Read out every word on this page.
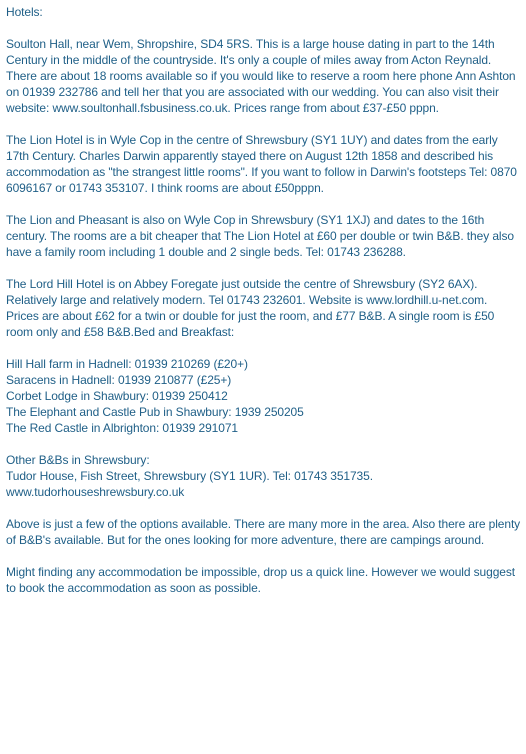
Hotels:
Soulton Hall, near Wem, Shropshire, SD4 5RS. This is a large house dating in part to the 14th Century in the middle of the countryside. It's only a couple of miles away from Acton Reynald. There are about 18 rooms available so if you would like to reserve a room here phone Ann Ashton on 01939 232786 and tell her that you are associated with our wedding. You can also visit their website: www.soultonhall.fsbusiness.co.uk. Prices range from about £37-£50 pppn.
The Lion Hotel is in Wyle Cop in the centre of Shrewsbury (SY1 1UY) and dates from the early 17th Century. Charles Darwin apparently stayed there on August 12th 1858 and described his accommodation as "the strangest little rooms". If you want to follow in Darwin's footsteps Tel: 0870 6096167 or 01743 353107. I think rooms are about £50pppn.
The Lion and Pheasant is also on Wyle Cop in Shrewsbury (SY1 1XJ) and dates to the 16th century. The rooms are a bit cheaper that The Lion Hotel at £60 per double or twin B&B. they also have a family room including 1 double and 2 single beds. Tel: 01743 236288.
The Lord Hill Hotel is on Abbey Foregate just outside the centre of Shrewsbury (SY2 6AX). Relatively large and relatively modern. Tel 01743 232601. Website is www.lordhill.u-net.com. Prices are about £62 for a twin or double for just the room, and £77 B&B. A single room is £50 room only and £58 B&B.Bed and Breakfast:
Hill Hall farm in Hadnell: 01939 210269 (£20+)
Saracens in Hadnell: 01939 210877 (£25+)
Corbet Lodge in Shawbury: 01939 250412
The Elephant and Castle Pub in Shawbury: 1939 250205
The Red Castle in Albrighton: 01939 291071
Other B&Bs in Shrewsbury:
Tudor House, Fish Street, Shrewsbury (SY1 1UR). Tel: 01743 351735.
www.tudorhouseshrewsbury.co.uk
Above is just a few of the options available. There are many more in the area. Also there are plenty of B&B's available. But for the ones looking for more adventure, there are campings around.
Might finding any accommodation be impossible, drop us a quick line. However we would suggest to book the accommodation as soon as possible.
